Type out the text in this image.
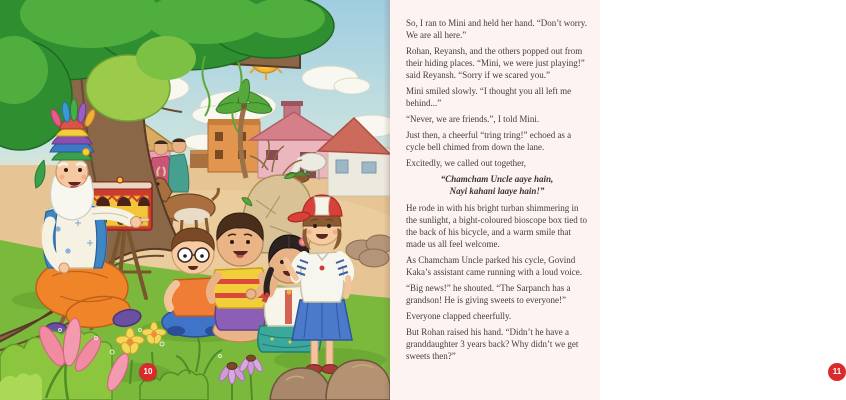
10

So, I ran to Mini and held her hand. “Don’t worry. We are all here.”

Rohan, Reyansh, and the others popped out from their hiding places. “Mini, we were just playing!” said Reyansh. “Sorry if we scared you.”

Mini smiled slowly. “I thought you all left me behind...”

“Never, we are friends.”, I told Mini.

Just then, a cheerful “tring tring!” echoed as a cycle bell chimed from down the lane.

Excitedly, we called out together,

“Chamcham Uncle aaye hain,
Nayi kahani laaye hain!”

He rode in with his bright turban shimmering in the sunlight, a bight-coloured bioscope box tied to the back of his bicycle, and a warm smile that made us all feel welcome.

As Chamcham Uncle parked his cycle, Govind Kaka’s assistant came running with a loud voice.

“Big news!” he shouted. “The Sarpanch has a grandson! He is giving sweets to everyone!”

Everyone clapped cheerfully.

But Rohan raised his hand. “Didn’t he have a granddaughter 3 years back? Why didn’t we get sweets then?”

11
